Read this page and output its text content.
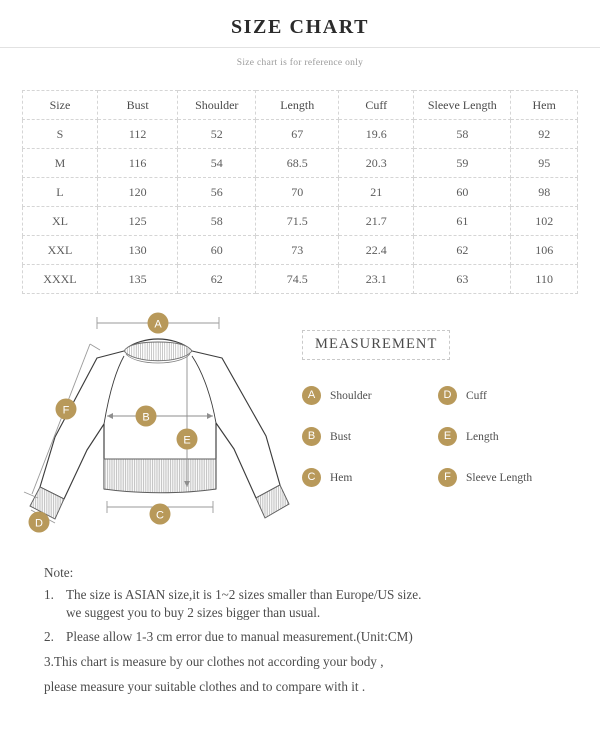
SIZE CHART
Size chart is for reference only
Size	Bust	Shoulder	Length	Cuff	Sleeve Length	Hem
S	112	52	67	19.6	58	92
M	116	54	68.5	20.3	59	95
L	120	56	70	21	60	98
XL	125	58	71.5	21.7	61	102
XXL	130	60	73	22.4	62	106
XXXL	135	62	74.5	23.1	63	110
A
B
E
C
F
D
MEASUREMENT
A	Shoulder	D	Cuff
B	Bust	E	Length
C	Hem	F	Sleeve Length
Note:
1. The size is ASIAN size,it is 1~2 sizes smaller than Europe/US size.
we suggest you to buy 2 sizes bigger than usual.
2. Please allow 1-3 cm error due to manual measurement.(Unit:CM)
3.This chart is measure by our clothes not according your body ,
please measure your suitable clothes and to compare with it .
